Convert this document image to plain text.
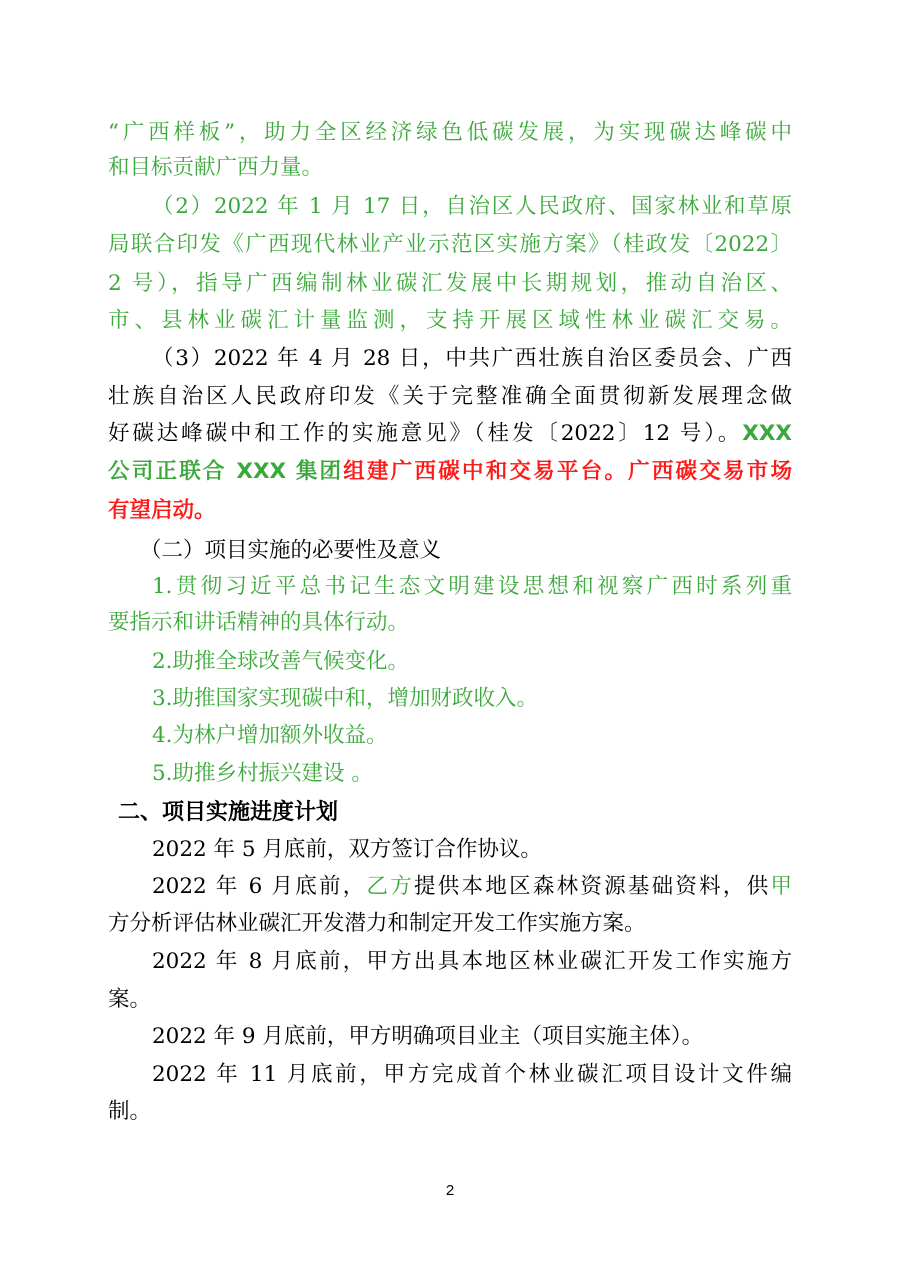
“广西样板”，助力全区经济绿色低碳发展，为实现碳达峰碳中
和目标贡献广西力量。
（2）2022 年 1 月 17 日，自治区人民政府、国家林业和草原
局联合印发《广西现代林业产业示范区实施方案》（桂政发〔2022〕
2 号），指导广西编制林业碳汇发展中长期规划，推动自治区、
市、县林业碳汇计量监测，支持开展区域性林业碳汇交易。
（3）2022 年 4 月 28 日，中共广西壮族自治区委员会、广西
壮族自治区人民政府印发《关于完整准确全面贯彻新发展理念做
好碳达峰碳中和工作的实施意见》（桂发〔2022〕12 号）。XXX
公司正联合 XXX 集团组建广西碳中和交易平台。广西碳交易市场
有望启动。
（二）项目实施的必要性及意义
1.贯彻习近平总书记生态文明建设思想和视察广西时系列重
要指示和讲话精神的具体行动。
2.助推全球改善气候变化。
3.助推国家实现碳中和，增加财政收入。
4.为林户增加额外收益。
5.助推乡村振兴建设 。
二、项目实施进度计划
2022 年 5 月底前，双方签订合作协议。
2022 年 6 月底前，乙方提供本地区森林资源基础资料，供甲
方分析评估林业碳汇开发潜力和制定开发工作实施方案。
2022 年 8 月底前，甲方出具本地区林业碳汇开发工作实施方
案。
2022 年 9 月底前，甲方明确项目业主（项目实施主体）。
2022 年 11 月底前，甲方完成首个林业碳汇项目设计文件编
制。
2
